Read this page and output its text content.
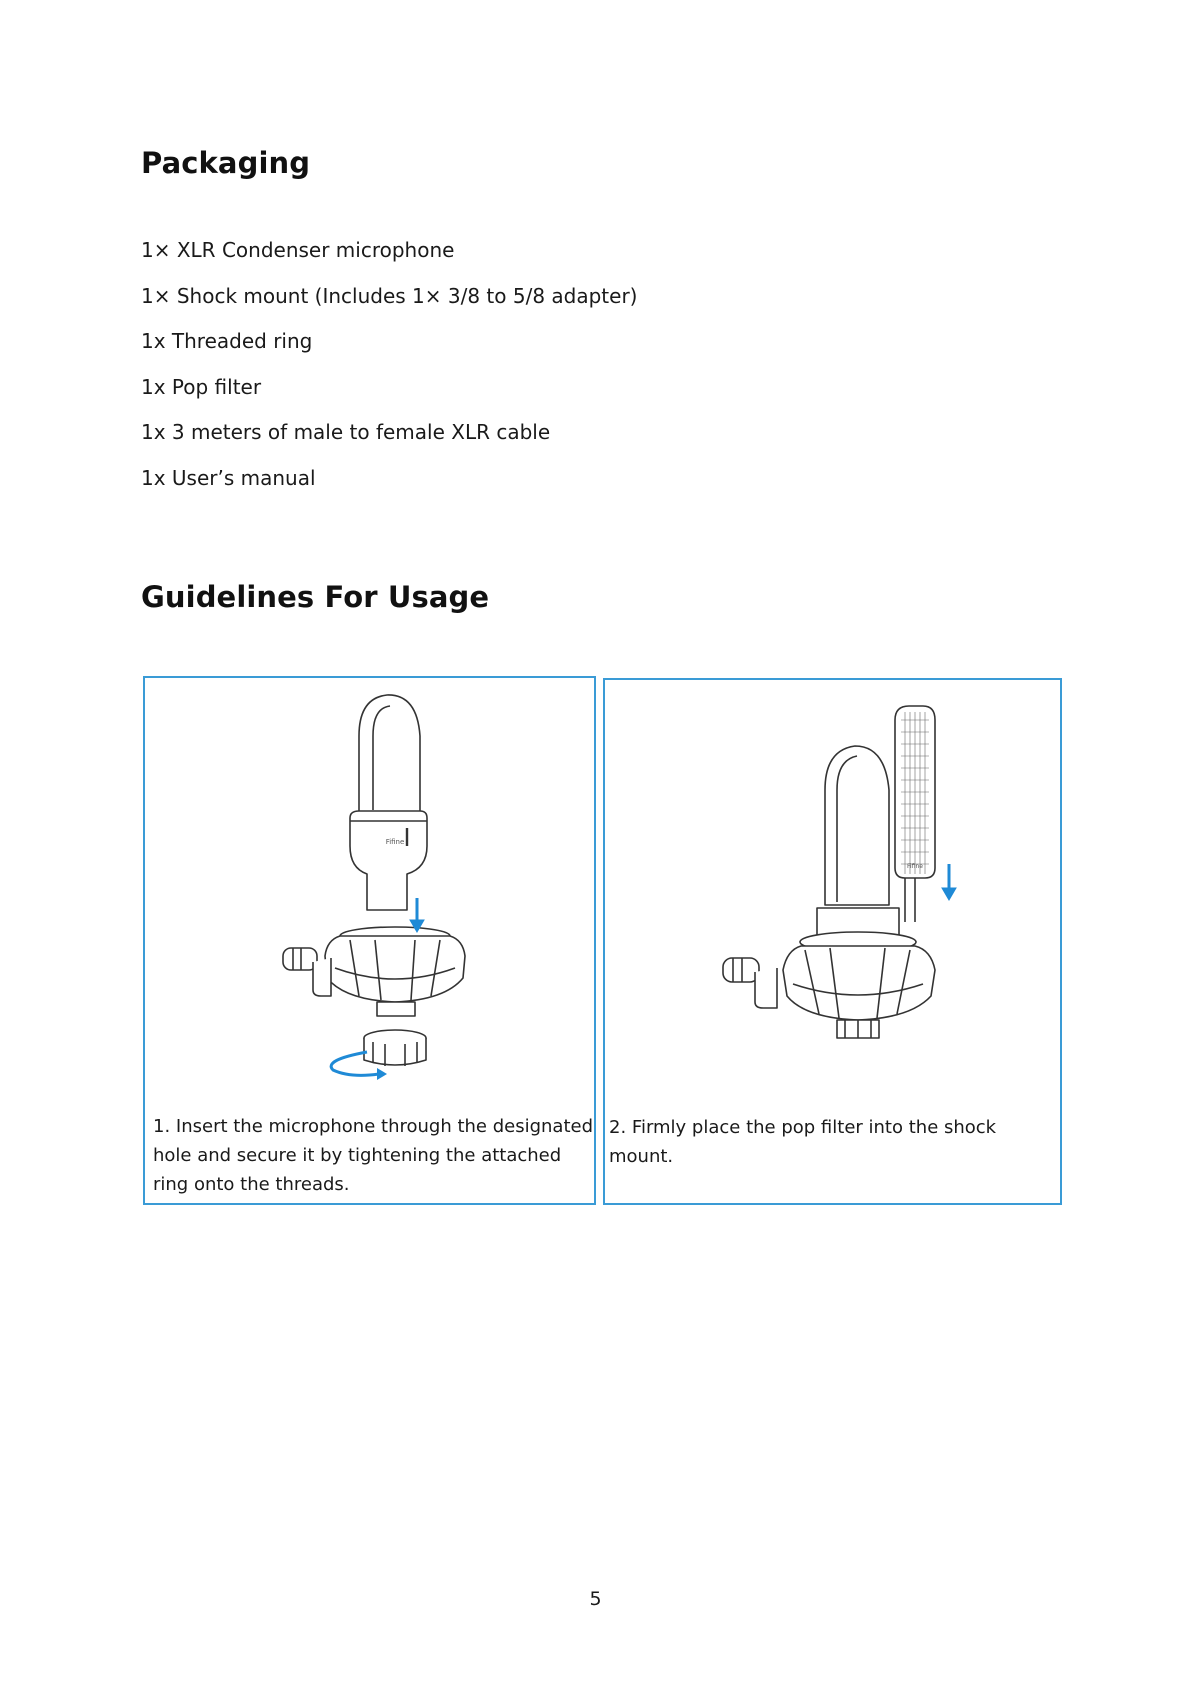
Packaging
1× XLR Condenser microphone
1× Shock mount (Includes 1× 3/8 to 5/8 adapter)
1x Threaded ring
1x Pop filter
1x 3 meters of male to female XLR cable
1x User’s manual
Guidelines For Usage
Fifine
1. Insert the microphone through the designated hole and secure it by tightening the attached ring onto the threads.
Fifine
2. Firmly place the pop filter into the shock mount.
5
